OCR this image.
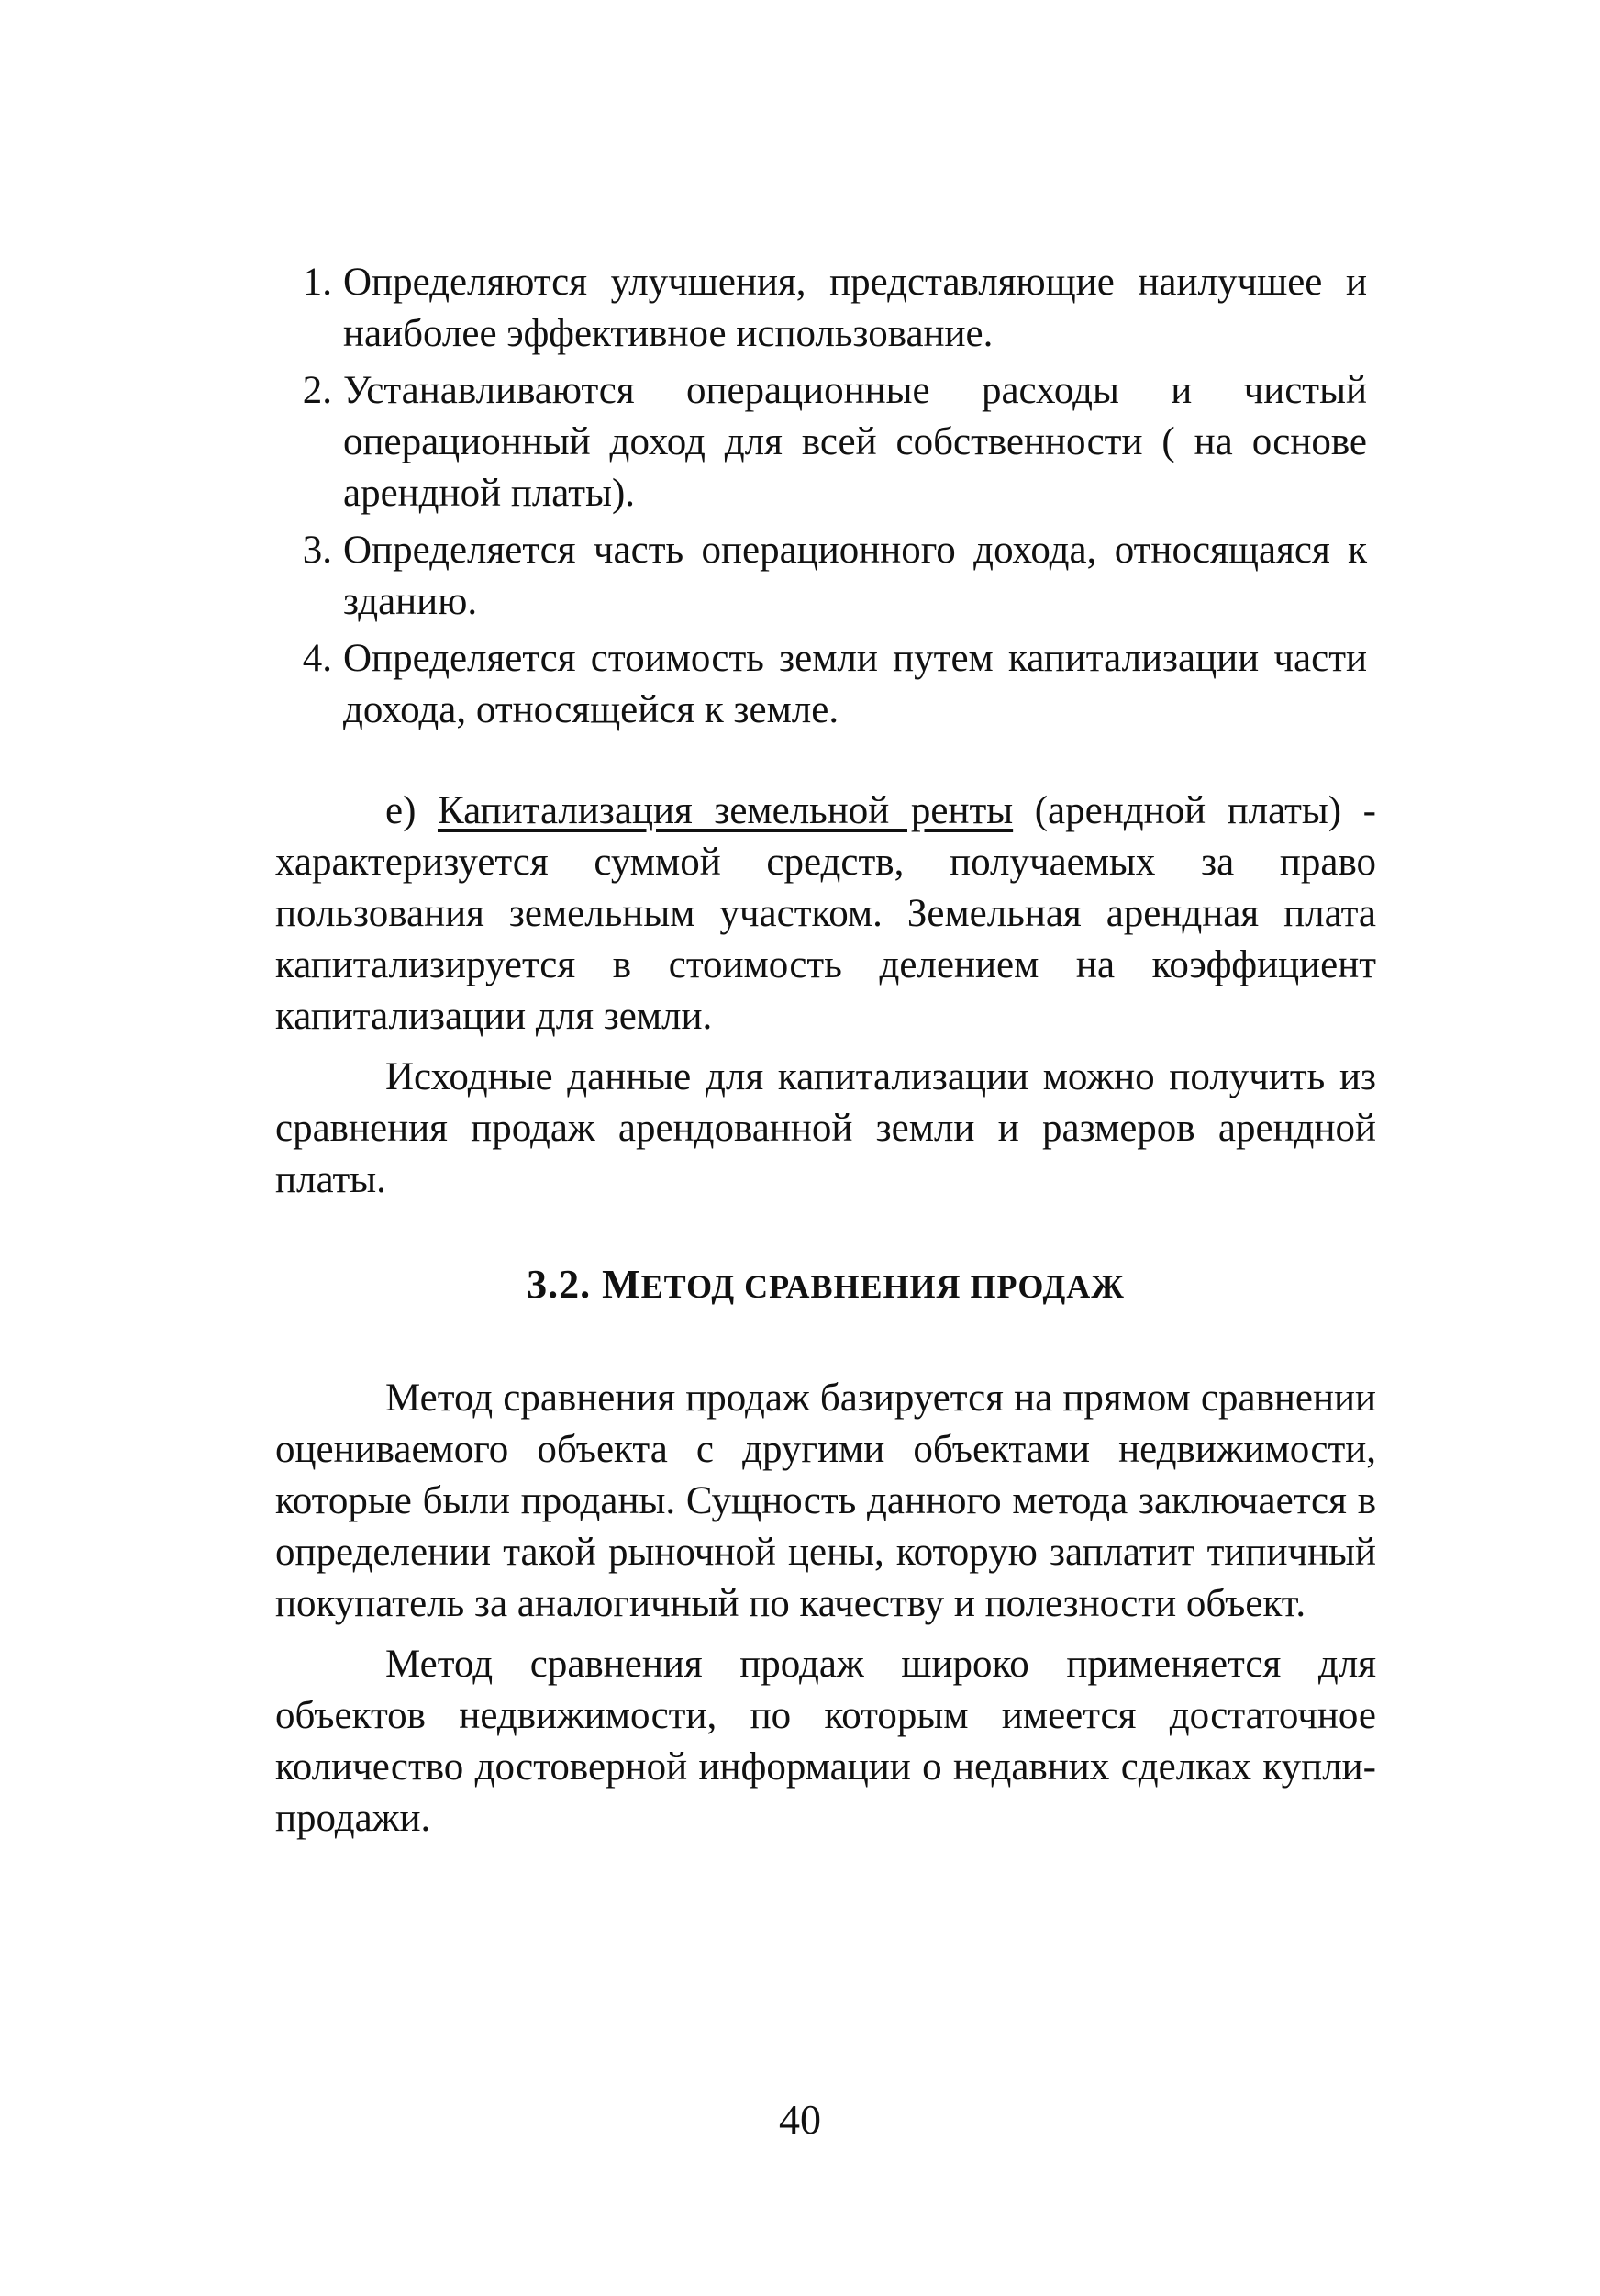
1. Определяются улучшения, представляющие наилучшее и наиболее эффективное использование.
2. Устанавливаются операционные расходы и чистый операционный доход для всей собственности ( на основе арендной платы).
3. Определяется часть операционного дохода, относящаяся к зданию.
4. Определяется стоимость земли путем капитализации части дохода, относящейся к земле.

е) Капитализация земельной ренты (арендной платы) - характеризуется суммой средств, получаемых за право пользования земельным участком. Земельная арендная плата капитализируется в стоимость делением на коэффициент капитализации для земли.

Исходные данные для капитализации можно получить из сравнения продаж арендованной земли и размеров арендной платы.

3.2. МЕТОД СРАВНЕНИЯ ПРОДАЖ

Метод сравнения продаж базируется на прямом сравнении оцениваемого объекта с другими объектами недвижимости, которые были проданы. Сущность данного метода заключается в определении такой рыночной цены, которую заплатит типичный покупатель за аналогичный по качеству и полезности объект.

Метод сравнения продаж широко применяется для объектов недвижимости, по которым имеется достаточное количество достоверной информации о недавних сделках купли-продажи.

40
